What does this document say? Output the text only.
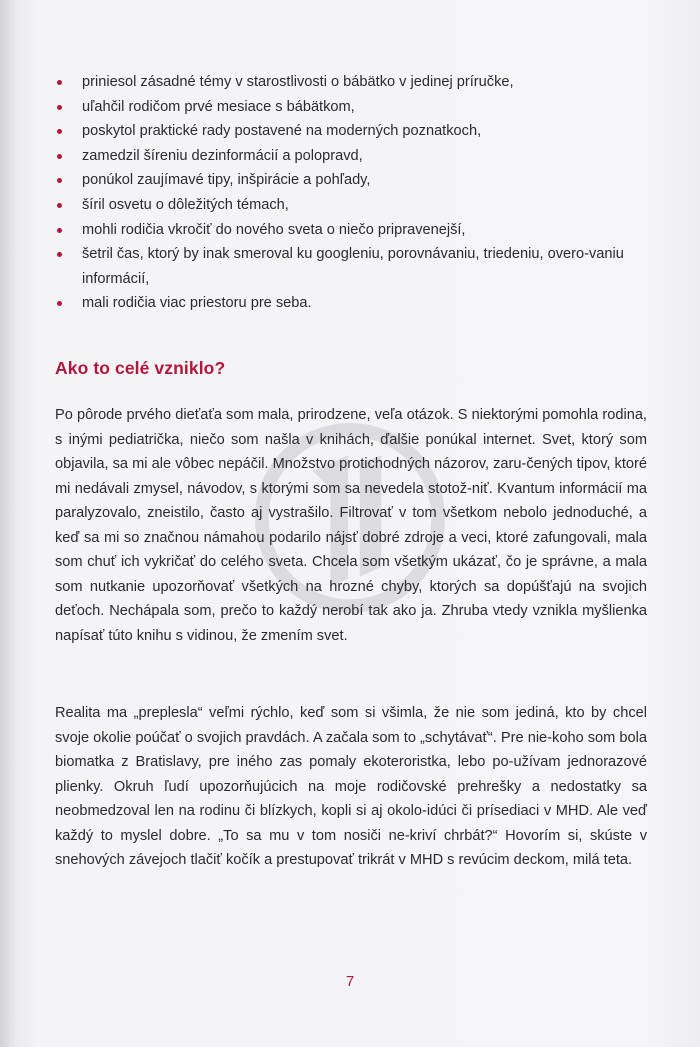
priniesol zásadné témy v starostlivosti o bábätko v jedinej príručke,
uľahčil rodičom prvé mesiace s bábätkom,
poskytol praktické rady postavené na moderných poznatkoch,
zamedzil šíreniu dezinformácií a polopravd,
ponúkol zaujímavé tipy, inšpirácie a pohľady,
šíril osvetu o dôležitých témach,
mohli rodičia vkročiť do nového sveta o niečo pripravenejší,
šetril čas, ktorý by inak smeroval ku googleniu, porovnávaniu, triedeniu, overo-vaniu informácií,
mali rodičia viac priestoru pre seba.
Ako to celé vzniklo?

Po pôrode prvého dieťaťa som mala, prirodzene, veľa otázok. S niektorými pomohla rodina, s inými pediatrička, niečo som našla v knihách, ďalšie ponúkal internet. Svet, ktorý som objavila, sa mi ale vôbec nepáčil. Množstvo protichodných názorov, zaru-čených tipov, ktoré mi nedávali zmysel, návodov, s ktorými som sa nevedela stotož-niť. Kvantum informácií ma paralyzovalo, zneistilo, často aj vystrašilo. Filtrovať v tom všetkom nebolo jednoduché, a keď sa mi so značnou námahou podarilo nájsť dobré zdroje a veci, ktoré zafungovali, mala som chuť ich vykričať do celého sveta. Chcela som všetkým ukázať, čo je správne, a mala som nutkanie upozorňovať všetkých na hrozné chyby, ktorých sa dopúšťajú na svojich deťoch. Nechápala som, prečo to každý nerobí tak ako ja. Zhruba vtedy vznikla myšlienka napísať túto knihu s vidinou, že zmením svet.

Realita ma „preplesla“ veľmi rýchlo, keď som si všimla, že nie som jediná, kto by chcel svoje okolie poúčať o svojich pravdách. A začala som to „schytávať“. Pre nie-koho som bola biomatka z Bratislavy, pre iného zas pomaly ekoteroristka, lebo po-užívam jednorazové plienky. Okruh ľudí upozorňujúcich na moje rodičovské prehrešky a nedostatky sa neobmedzoval len na rodinu či blízkych, kopli si aj okolo-idúci či prísediaci v MHD. Ale veď každý to myslel dobre. „To sa mu v tom nosiči ne-kriví chrbát?“ Hovorím si, skúste v snehových závejoch tlačiť kočík a prestupovať trikrát v MHD s revúcim deckom, milá teta.

7
